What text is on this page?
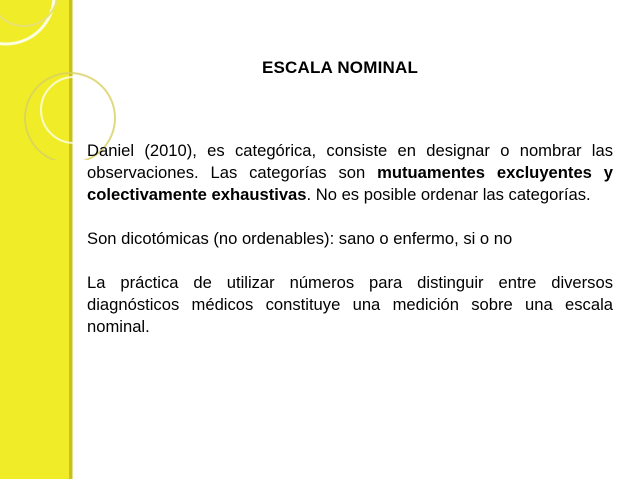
ESCALA NOMINAL

Daniel (2010), es categórica, consiste en designar o nombrar las observaciones. Las categorías son mutuamentes excluyentes y colectivamente exhaustivas. No es posible ordenar las categorías.

Son dicotómicas (no ordenables): sano o enfermo, si o no

La práctica de utilizar números para distinguir entre diversos diagnósticos médicos constituye una medición sobre una escala nominal.
